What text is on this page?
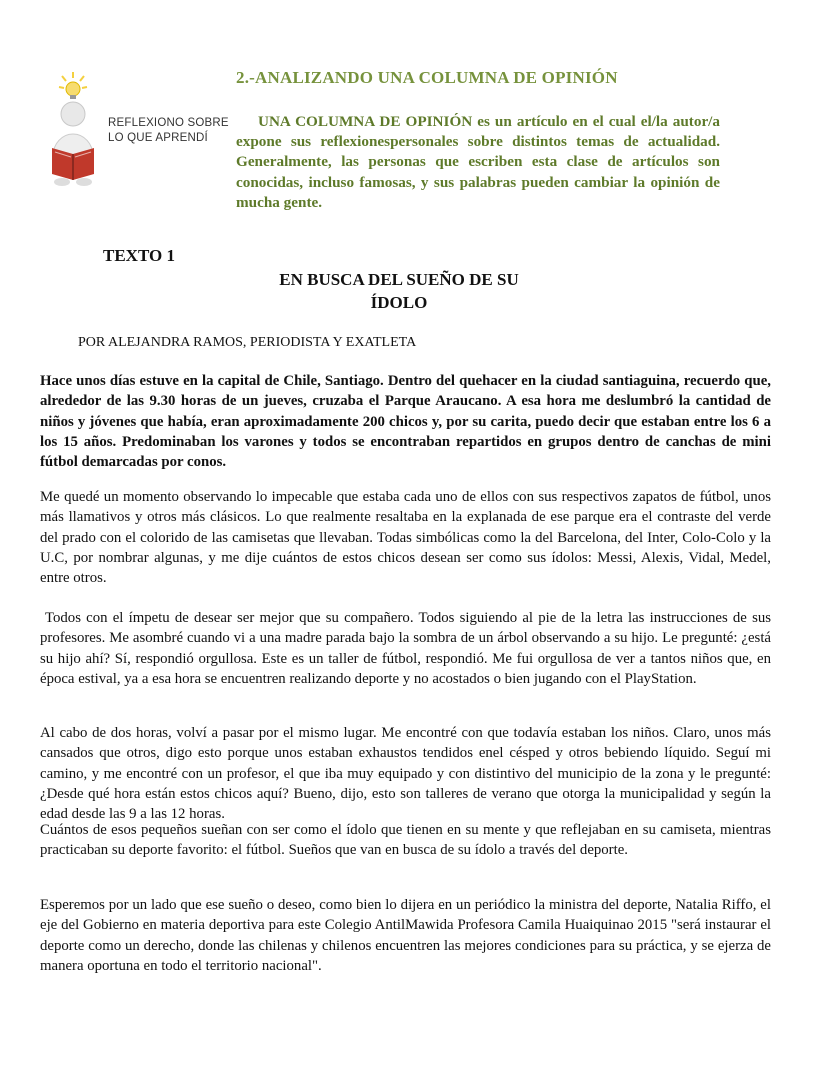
REFLEXIONO SOBRE
LO QUE APRENDÍ
2.-ANALIZANDO UNA COLUMNA DE OPINIÓN

UNA COLUMNA DE OPINIÓN es un artículo en el cual el/la autor/a expone sus reflexionespersonales sobre distintos temas de actualidad. Generalmente, las personas que escriben esta clase de artículos son conocidas, incluso famosas, y sus palabras pueden cambiar la opinión de mucha gente.

TEXTO 1
EN BUSCA DEL SUEÑO DE SU ÍDOLO

POR ALEJANDRA RAMOS, PERIODISTA Y EXATLETA

Hace unos días estuve en la capital de Chile, Santiago. Dentro del quehacer en la ciudad santiaguina, recuerdo que, alrededor de las 9.30 horas de un jueves, cruzaba el Parque Araucano. A esa hora me deslumbró la cantidad de niños y jóvenes que había, eran aproximadamente 200 chicos y, por su carita, puedo decir que estaban entre los 6 a los 15 años. Predominaban los varones y todos se encontraban repartidos en grupos dentro de canchas de mini fútbol demarcadas por conos.

Me quedé un momento observando lo impecable que estaba cada uno de ellos con sus respectivos zapatos de fútbol, unos más llamativos y otros más clásicos. Lo que realmente resaltaba en la explanada de ese parque era el contraste del verde del prado con el colorido de las camisetas que llevaban. Todas simbólicas como la del Barcelona, del Inter, Colo-Colo y la U.C, por nombrar algunas, y me dije cuántos de estos chicos desean ser como sus ídolos: Messi, Alexis, Vidal, Medel, entre otros.

Todos con el ímpetu de desear ser mejor que su compañero. Todos siguiendo al pie de la letra las instrucciones de sus profesores. Me asombré cuando vi a una madre parada bajo la sombra de un árbol observando a su hijo. Le pregunté: ¿está su hijo ahí? Sí, respondió orgullosa. Este es un taller de fútbol, respondió. Me fui orgullosa de ver a tantos niños que, en época estival, ya a esa hora se encuentren realizando deporte y no acostados o bien jugando con el PlayStation.

Al cabo de dos horas, volví a pasar por el mismo lugar. Me encontré con que todavía estaban los niños. Claro, unos más cansados que otros, digo esto porque unos estaban exhaustos tendidos enel césped y otros bebiendo líquido. Seguí mi camino, y me encontré con un profesor, el que iba muy equipado y con distintivo del municipio de la zona y le pregunté: ¿Desde qué hora están estos chicos aquí? Bueno, dijo, esto son talleres de verano que otorga la municipalidad y según la edad desde las 9 a las 12 horas.

Cuántos de esos pequeños sueñan con ser como el ídolo que tienen en su mente y que reflejaban en su camiseta, mientras practicaban su deporte favorito: el fútbol. Sueños que van en busca de su ídolo a través del deporte.

Esperemos por un lado que ese sueño o deseo, como bien lo dijera en un periódico la ministra del deporte, Natalia Riffo, el eje del Gobierno en materia deportiva para este Colegio AntilMawida Profesora Camila Huaiquinao 2015 "será instaurar el deporte como un derecho, donde las chilenas y chilenos encuentren las mejores condiciones para su práctica, y se ejerza de manera oportuna en todo el territorio nacional".
